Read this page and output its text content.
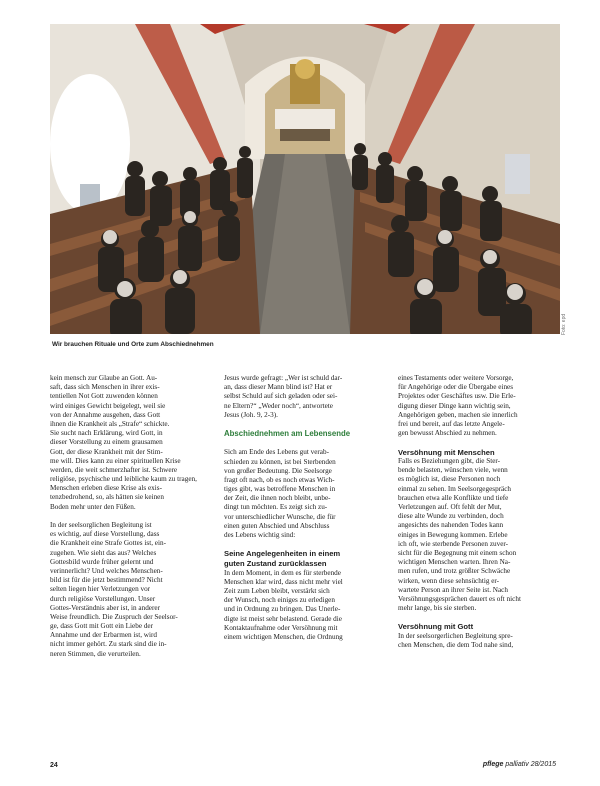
Foto: epd
Wir brauchen Rituale und Orte zum Abschiednehmen
kein mensch zur Glaube an Gott. Au-
saft, dass sich Menschen in ihrer exis-
tentiellen Not Gott zuwenden können
wird einiges Gewicht beigelegt, weil sie
von der Annahme ausgehen, dass Gott
ihnen die Krankheit als „Strafe“ schickte.
Sie sucht nach Erklärung, wird Gott, in
dieser Vorstellung zu einem grausamen
Gott, der diese Krankheit mit der Stim-
me will. Dies kann zu einer spirituellen Krise
werden, die weit schmerzhafter ist. Schwere
religiöse, psychische und leibliche kaum zu tragen,
Menschen erleben diese Krise als exis-
tenzbedrohend, so, als hätten sie keinen
Boden mehr unter den Füßen.
In der seelsorglichen Begleitung ist
es wichtig, auf diese Vorstellung, dass
die Krankheit eine Strafe Gottes ist, ein-
zugehen. Wie sieht das aus? Welches
Gottesbild wurde früher gelernt und
verinnerlicht? Und welches Menschen-
bild ist für die jetzt bestimmend? Nicht
selten liegen hier Verletzungen vor
durch religiöse Vorstellungen. Unser
Gottes-Verständnis aber ist, in anderer
Weise freundlich. Die Zuspruch der Seelsor-
ge, dass Gott mit Gott ein Liebe der
Annahme und der Erbarmen ist, wird
nicht immer gehört. Zu stark sind die in-
neren Stimmen, die verurteilen.
Jesus wurde gefragt: „Wer ist schuld dar-
an, dass dieser Mann blind ist? Hat er
selbst Schuld auf sich geladen oder sei-
ne Eltern?“ „Weder noch“, antwortete
Jesus (Joh. 9, 2-3).
Abschiednehmen am Lebensende
Sich am Ende des Lebens gut verab-
schieden zu können, ist bei Sterbenden
von großer Bedeutung. Die Seelsorge
fragt oft nach, ob es noch etwas Wich-
tiges gibt, was betroffene Menschen in
der Zeit, die ihnen noch bleibt, unbe-
dingt tun möchten. Es zeigt sich zu-
vor unterschiedlicher Wunsche, die für
einen guten Abschied und Abschluss
des Lebens wichtig sind:
Seine Angelegenheiten in einem
guten Zustand zurücklassen
In dem Moment, in dem es für sterbende
Menschen klar wird, dass nicht mehr viel
Zeit zum Leben bleibt, verstärkt sich
der Wunsch, noch einiges zu erledigen
und in Ordnung zu bringen. Das Unerle-
digte ist meist sehr belastend. Gerade die
Kontaktaufnahme oder Versöhnung mit
einem wichtigen Menschen, die Ordnung
eines Testaments oder weitere Vorsorge,
für Angehörige oder die Übergabe eines
Projektes oder Geschäftes usw. Die Erle-
digung dieser Dinge kann wichtig sein,
Angehörigen geben, machen sie innerlich
frei und bereit, auf das letzte Angele-
gen bewusst Abschied zu nehmen.
Versöhnung mit Menschen
Falls es Beziehungen gibt, die Ster-
bende belasten, wünschen viele, wenn
es möglich ist, diese Personen noch
einmal zu sehen. Im Seelsorgegespräch
brauchen etwa alle Konflikte und tiefe
Verletzungen auf. Oft fehlt der Mut,
diese alte Wunde zu verbinden, doch
angesichts des nahenden Todes kann
einiges in Bewegung kommen. Erlebe
ich oft, wie sterbende Personen zuver-
sicht für die Begegnung mit einem schon
wichtigen Menschen warten. Ihren Na-
men rufen, und trotz größter Schwäche
wirken, wenn diese sehnsüchtig er-
wartete Person an ihrer Seite ist. Nach
Versöhnungsgesprächen dauert es oft nicht
mehr lange, bis sie sterben.
Versöhnung mit Gott
In der seelsorgerlichen Begleitung spre-
chen Menschen, die dem Tod nahe sind,
24	pflege palliativ 28/2015
